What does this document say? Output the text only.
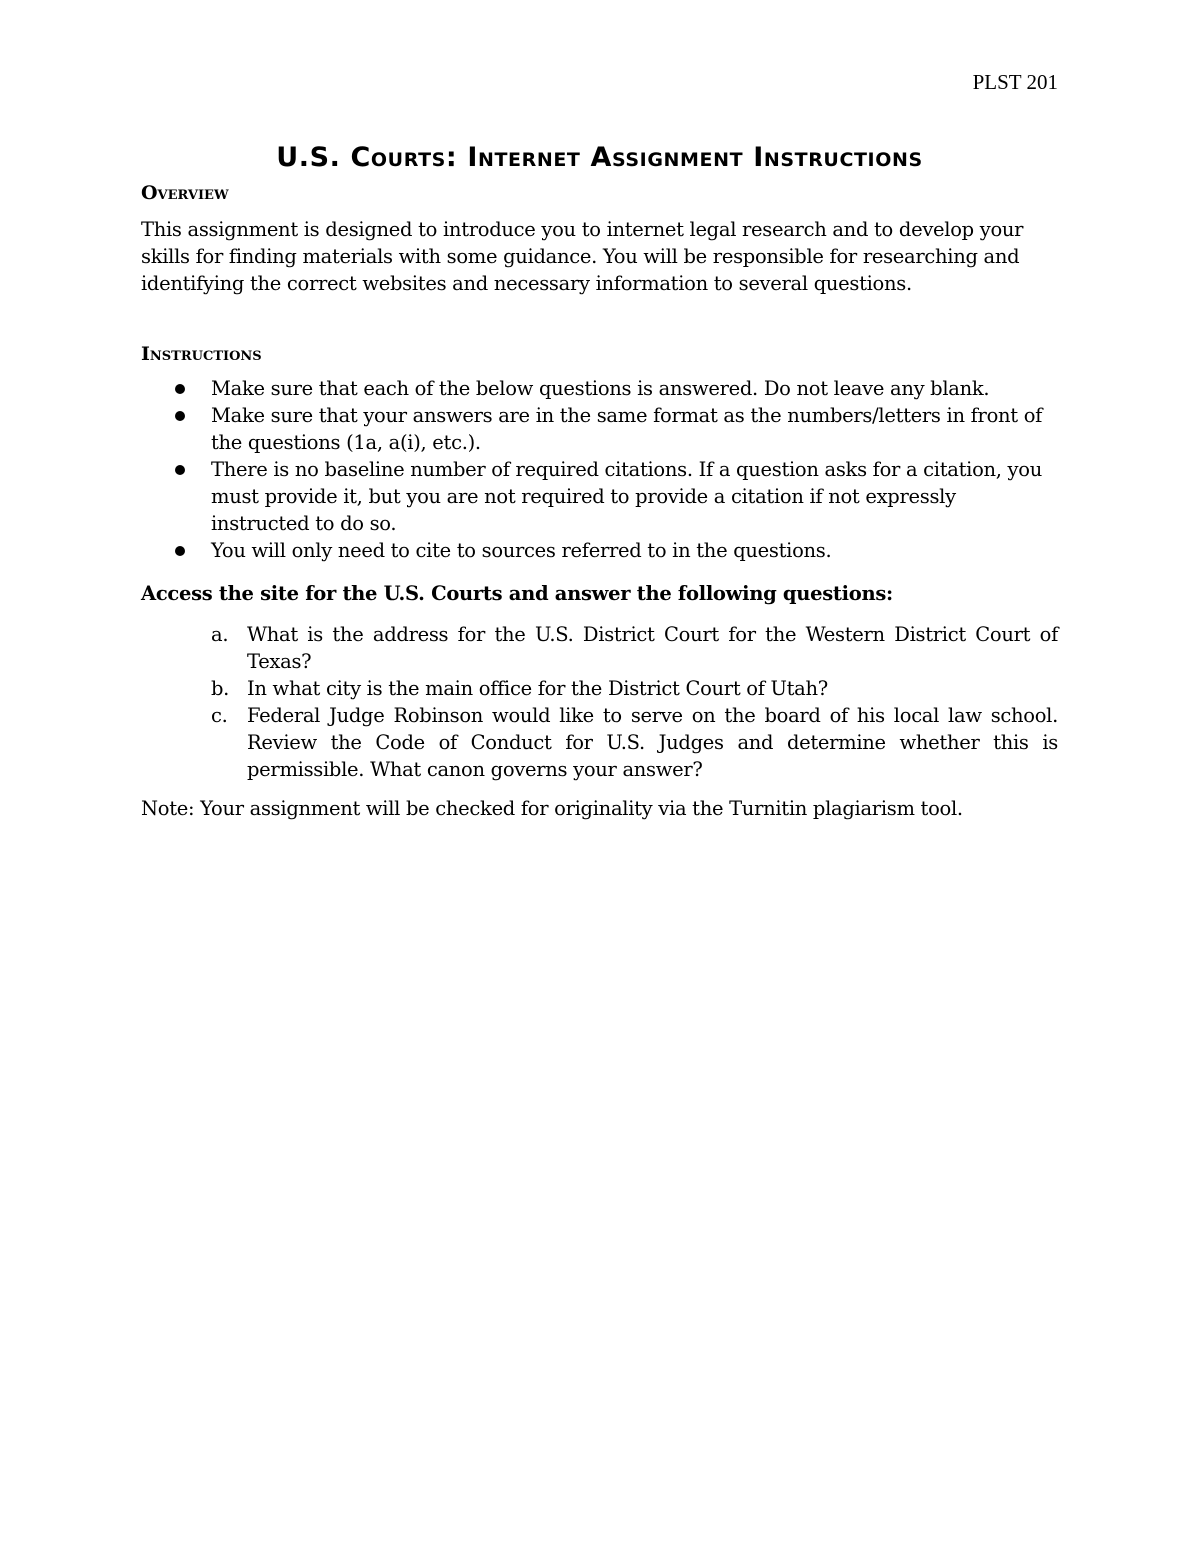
PLST 201
U.S. Courts: Internet Assignment Instructions
Overview

This assignment is designed to introduce you to internet legal research and to develop your skills for finding materials with some guidance. You will be responsible for researching and identifying the correct websites and necessary information to several questions.

Instructions
Make sure that each of the below questions is answered. Do not leave any blank.
Make sure that your answers are in the same format as the numbers/letters in front of the questions (1a, a(i), etc.).
There is no baseline number of required citations. If a question asks for a citation, you must provide it, but you are not required to provide a citation if not expressly instructed to do so.
You will only need to cite to sources referred to in the questions.

Access the site for the U.S. Courts and answer the following questions:

a. What is the address for the U.S. District Court for the Western District Court of Texas?
b. In what city is the main office for the District Court of Utah?
c. Federal Judge Robinson would like to serve on the board of his local law school. Review the Code of Conduct for U.S. Judges and determine whether this is permissible. What canon governs your answer?

Note: Your assignment will be checked for originality via the Turnitin plagiarism tool.
